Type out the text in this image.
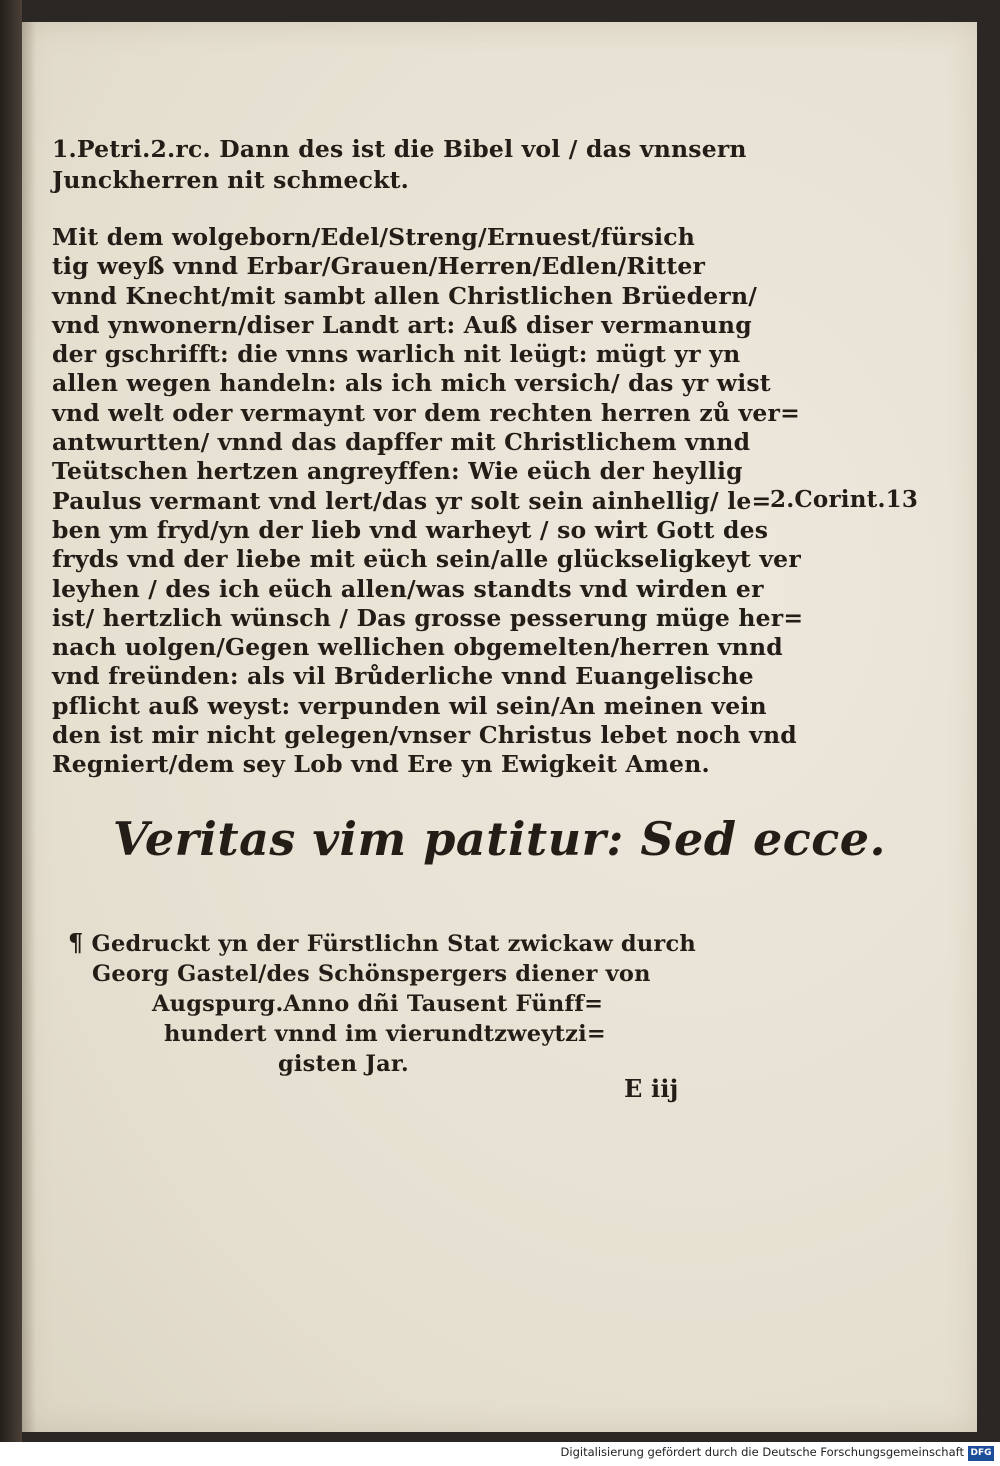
1.Petri.2.rc. Dann des ist die Bibel vol / das vnnsern
Junckherren nit schmeckt.
Mit dem wolgeborn/Edel/Streng/Ernuest/fürsich
tig weyß vnnd Erbar/Grauen/Herren/Edlen/Ritter
vnnd Knecht/mit sambt allen Christlichen Brüedern/
vnd ynwonern/diser Landt art: Auß diser vermanung
der gschrifft: die vnns warlich nit leügt: mügt yr yn
allen wegen handeln: als ich mich versich/ das yr wist
vnd welt oder vermaynt vor dem rechten herren zů ver=
antwurtten/ vnnd das dapffer mit Christlichem vnnd
Teütschen hertzen angreyffen: Wie eüch der heyllig
Paulus vermant vnd lert/das yr solt sein ainhellig/ le=
ben ym fryd/yn der lieb vnd warheyt / so wirt Gott des
fryds vnd der liebe mit eüch sein/alle glückseligkeyt ver
leyhen / des ich eüch allen/was standts vnd wirden er
ist/ hertzlich wünsch / Das grosse pesserung müge her=
nach uolgen/Gegen wellichen obgemelten/herren vnnd
vnd freünden: als vil Brůderliche vnnd Euangelische
pflicht auß weyst: verpunden wil sein/An meinen vein
den ist mir nicht gelegen/vnser Christus lebet noch vnd
Regniert/dem sey Lob vnd Ere yn Ewigkeit Amen.
2.Corint.13
Veritas vim patitur: Sed ecce.
¶ Gedruckt yn der Fürstlichn Stat zwickaw durch
Georg Gastel/des Schönspergers diener von
Augspurg.Anno dñi Tausent Fünff=
hundert vnnd im vierundtzweytzi=
gisten Jar.
E iij
Digitalisierung gefördert durch die Deutsche Forschungsgemeinschaft DFG
